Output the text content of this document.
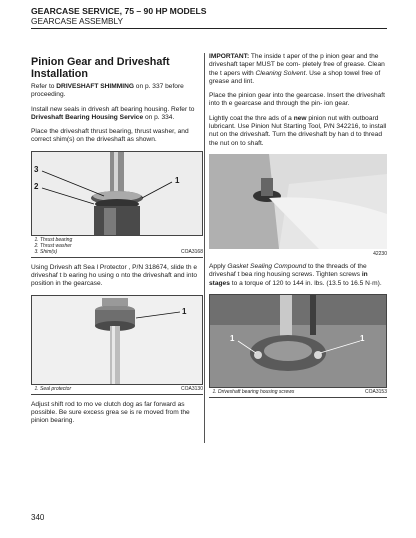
GEARCASE SERVICE, 75 – 90 HP MODELS
GEARCASE ASSEMBLY
Pinion Gear and Driveshaft Installation

Refer to DRIVESHAFT SHIMMING on p. 337 before proceeding.

Install new seals in drivesh aft bearing housing. Refer to Driveshaft Bearing Housing Service on p. 334.

Place the driveshaft thrust bearing, thrust washer, and correct shim(s) on the driveshaft as shown.

3
2
1
1. Thrust bearing
2. Thrust washer
3. Shim(s)	COA3168

Using Drivesh aft Sea l Protector , P/N 318674, slide th e driveshaf t b earing ho using o nto the driveshaft and into position in the gearcase.

1
1. Seal protector	COA3130

Adjust shift rod to mo ve clutch dog as far forward as possible. Be sure excess grea se is re moved from the pinion bearing.

IMPORTANT: The inside t aper of the p inion gear and the driveshaft taper MUST be com- pletely free of grease. Clean the t apers with Cleaning Solvent. Use a shop towel free of grease and lint.

Place the pinion gear into the gearcase. Insert the driveshaft into th e gearcase and through the pin- ion gear.

Lightly coat the thre ads of a new pinion nut with outboard lubricant. Use Pinion Nut Starting Tool, P/N 342216, to install nut on the driveshaft. Turn the driveshaft by han d to thread the nut on to shaft.

42230

Apply Gasket Sealing Compound to the threads of the driveshaf t bea ring housing screws. Tighten screws in stages to a torque of 120 to 144 in. lbs. (13.5 to 16.5 N·m).

1	1
1. Driveshaft bearing housing screws	COA3153
340
